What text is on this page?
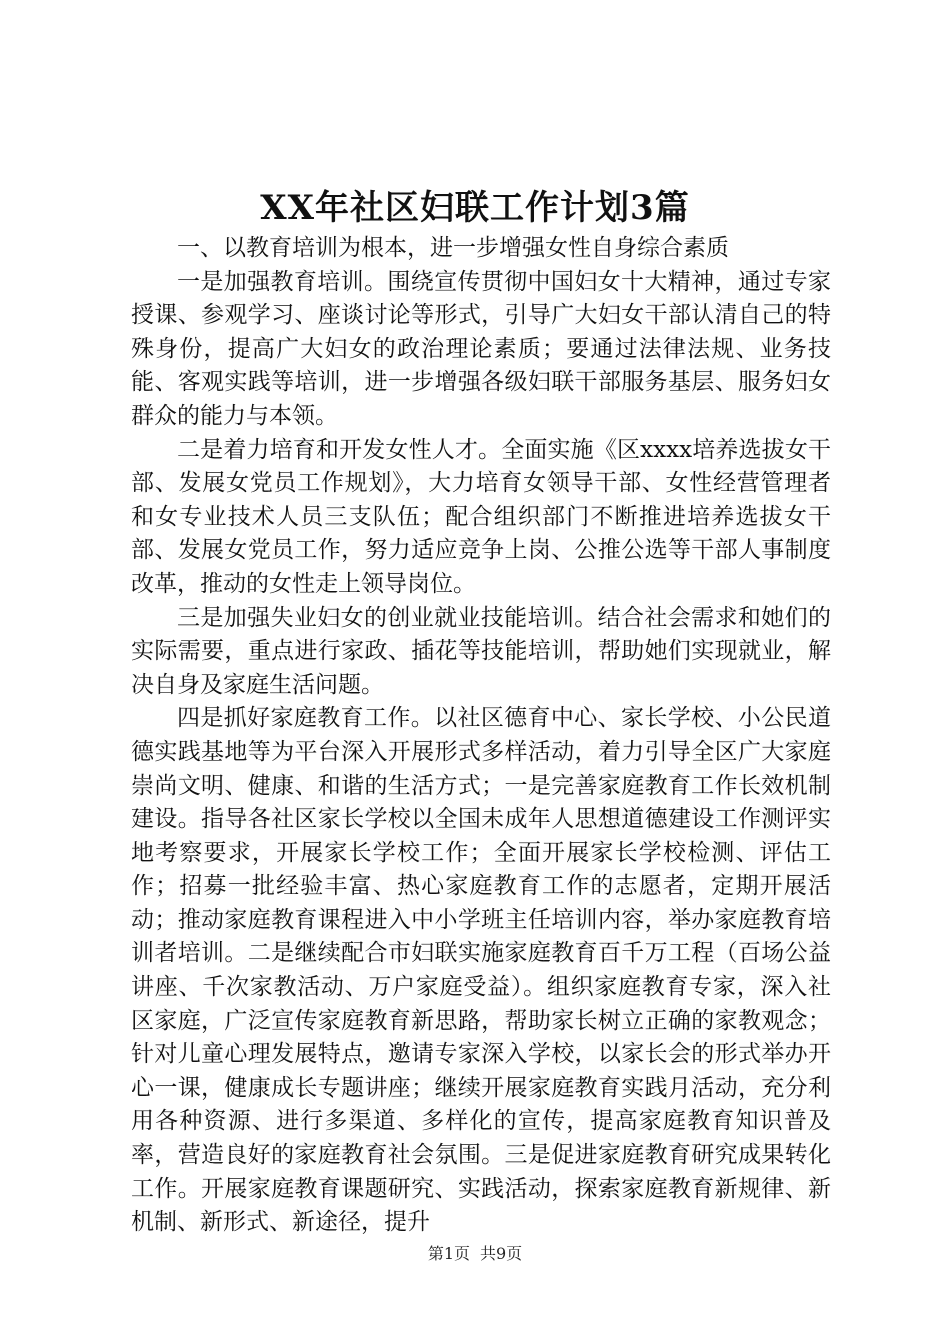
XX年社区妇联工作计划3篇

一、以教育培训为根本，进一步增强女性自身综合素质

一是加强教育培训。围绕宣传贯彻中国妇女十大精神，通过专家授课、参观学习、座谈讨论等形式，引导广大妇女干部认清自己的特殊身份，提高广大妇女的政治理论素质；要通过法律法规、业务技能、客观实践等培训，进一步增强各级妇联干部服务基层、服务妇女群众的能力与本领。

二是着力培育和开发女性人才。全面实施《区xxxx培养选拔女干部、发展女党员工作规划》，大力培育女领导干部、女性经营管理者和女专业技术人员三支队伍；配合组织部门不断推进培养选拔女干部、发展女党员工作，努力适应竞争上岗、公推公选等干部人事制度改革，推动的女性走上领导岗位。

三是加强失业妇女的创业就业技能培训。结合社会需求和她们的实际需要，重点进行家政、插花等技能培训，帮助她们实现就业，解决自身及家庭生活问题。

四是抓好家庭教育工作。以社区德育中心、家长学校、小公民道德实践基地等为平台深入开展形式多样活动，着力引导全区广大家庭崇尚文明、健康、和谐的生活方式；一是完善家庭教育工作长效机制建设。指导各社区家长学校以全国未成年人思想道德建设工作测评实地考察要求，开展家长学校工作；全面开展家长学校检测、评估工作；招募一批经验丰富、热心家庭教育工作的志愿者，定期开展活动；推动家庭教育课程进入中小学班主任培训内容，举办家庭教育培训者培训。二是继续配合市妇联实施家庭教育百千万工程（百场公益讲座、千次家教活动、万户家庭受益）。组织家庭教育专家，深入社区家庭，广泛宣传家庭教育新思路，帮助家长树立正确的家教观念；针对儿童心理发展特点，邀请专家深入学校，以家长会的形式举办开心一课，健康成长专题讲座；继续开展家庭教育实践月活动，充分利用各种资源、进行多渠道、多样化的宣传，提高家庭教育知识普及率，营造良好的家庭教育社会氛围。三是促进家庭教育研究成果转化工作。开展家庭教育课题研究、实践活动，探索家庭教育新规律、新机制、新形式、新途径，提升

第1页 共9页
